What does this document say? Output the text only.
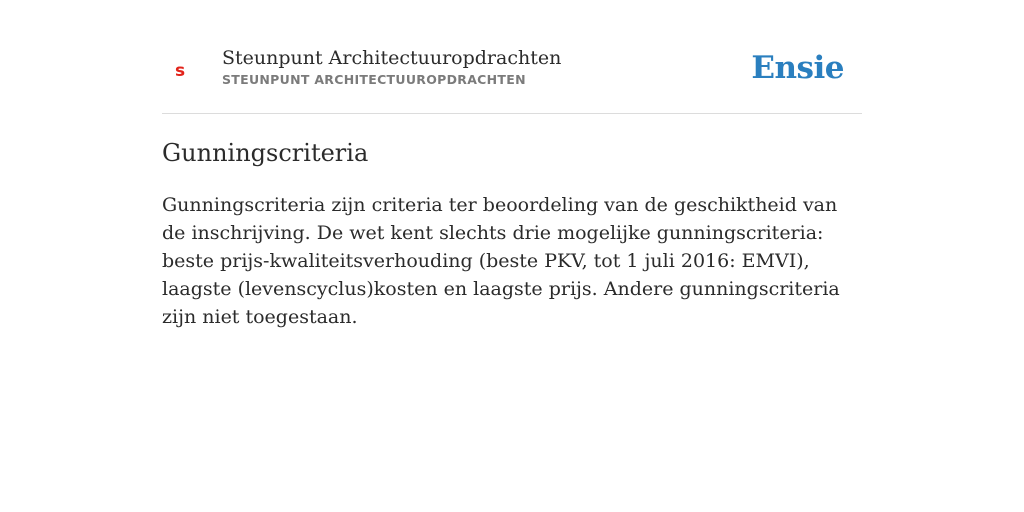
s
Steunpunt Architectuuropdrachten
STEUNPUNT ARCHITECTUUROPDRACHTEN	Ensie
Gunningscriteria

Gunningscriteria zijn criteria ter beoordeling van de geschiktheid van de inschrijving. De wet kent slechts drie mogelijke gunningscriteria: beste prijs-kwaliteitsverhouding (beste PKV, tot 1 juli 2016: EMVI), laagste (levenscyclus)kosten en laagste prijs. Andere gunningscriteria zijn niet toegestaan.
